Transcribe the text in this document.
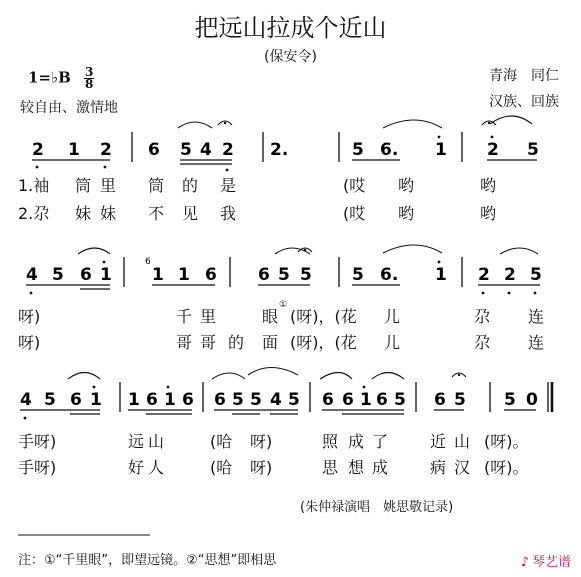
把远山拉成个近山
(保安令)
1=♭B $\frac{3}{8}$
较自由、激情地
青海　同仁
汉族、回族
2 1 2 6 5 4 2 2.	5 6. 1 2 5
4 5 6 1 1 1 6 6 5 5 5 6. 1 2 2 5
6
4 5 6 1 1 6 1 6 6 5 5 4 5 6 6 1 6 5 6 5 5 0
1.袖 筒 里 筒 的 是	(哎 哟	哟
2.尕 妹 妹 不 见 我	(哎 哟	哟
呀)	千 里	眼
①
(呀)，(花 儿	尕 连
呀)	哥 哥 的 面 (呀)，(花 儿	尕 连
手呀)	远 山	(哈 呀)	照 成 了	近 山 (呀)。
手呀)	好 人	(哈 呀)	思 想 成	病 汉 (呀)。
(朱仲禄演唱　姚思敬记录)
注：①“千里眼”，即望远镜。②“思想”即相思	♪ 琴艺谱
